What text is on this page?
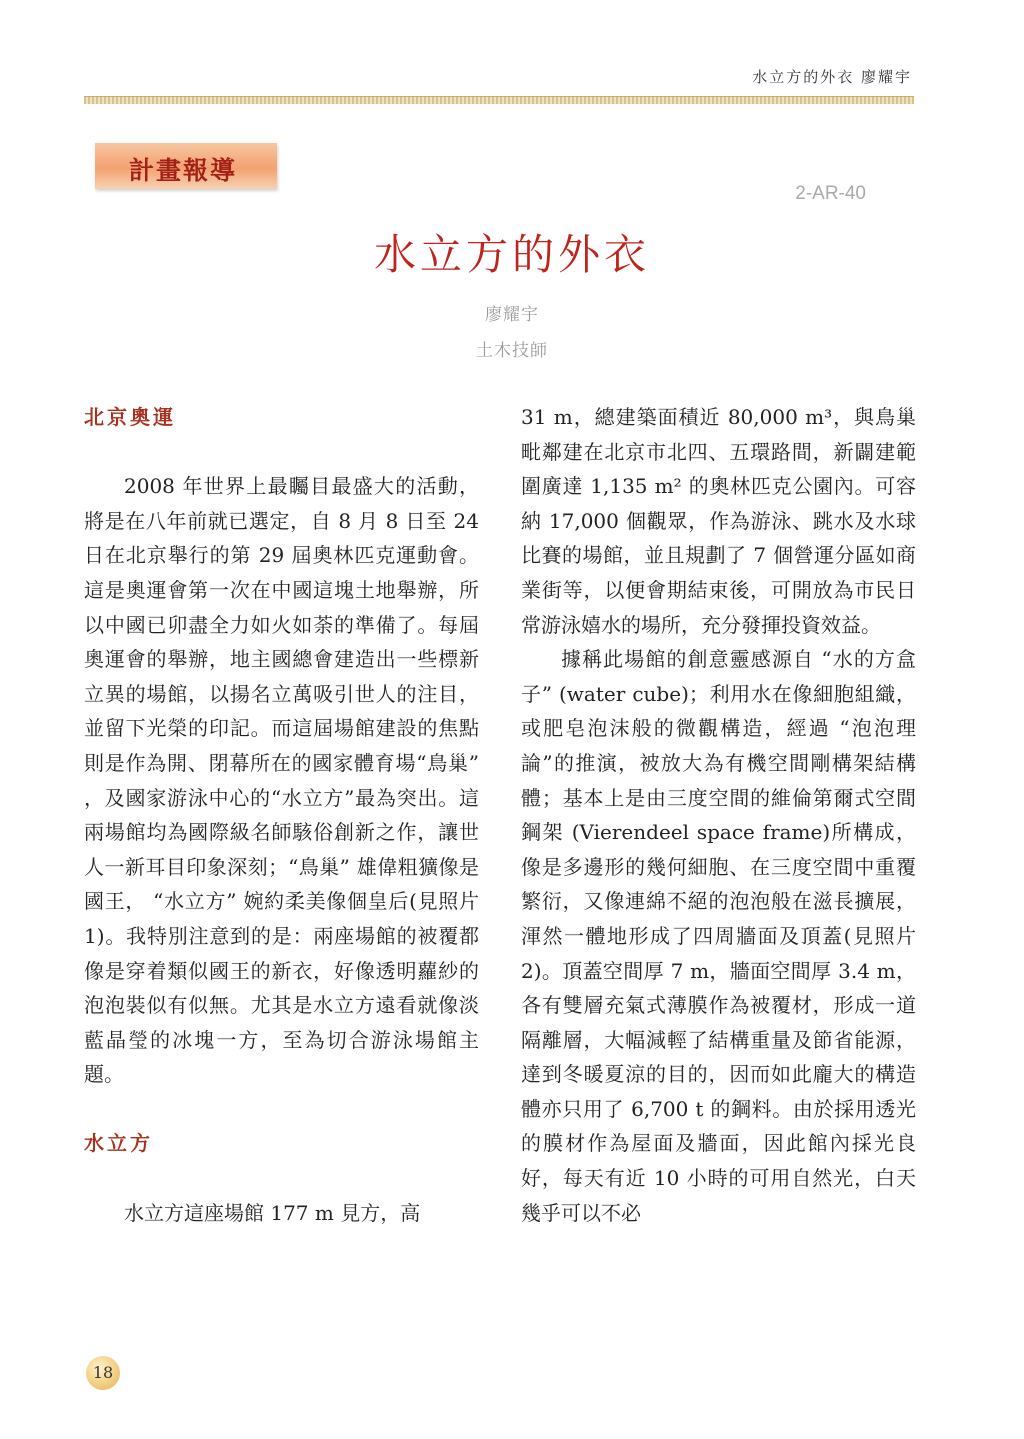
水立方的外衣 廖耀宇
計畫報導
2-AR-40
水立方的外衣
廖耀宇
土木技師
北京奧運

2008 年世界上最矚目最盛大的活動，將是在八年前就已選定，自 8 月 8 日至 24 日在北京舉行的第 29 屆奧林匹克運動會。這是奧運會第一次在中國這塊土地舉辦，所以中國已卯盡全力如火如荼的準備了。每屆奧運會的舉辦，地主國總會建造出一些標新立異的場館，以揚名立萬吸引世人的注目，並留下光榮的印記。而這屆場館建設的焦點則是作為開、閉幕所在的國家體育場“鳥巢” ，及國家游泳中心的“水立方”最為突出。這兩場館均為國際級名師駭俗創新之作，讓世人一新耳目印象深刻；“鳥巢” 雄偉粗獷像是國王， “水立方” 婉約柔美像個皇后(見照片 1)。我特別注意到的是：兩座場館的被覆都像是穿着類似國王的新衣，好像透明蘿紗的泡泡裝似有似無。尤其是水立方遠看就像淡藍晶瑩的冰塊一方，至為切合游泳場館主題。

水立方

水立方這座場館 177 m 見方，高

31 m，總建築面積近 80,000 m³，與鳥巢毗鄰建在北京市北四、五環路間，新闢建範圍廣達 1,135 m² 的奧林匹克公園內。可容納 17,000 個觀眾，作為游泳、跳水及水球比賽的場館，並且規劃了 7 個營運分區如商業街等，以便會期結束後，可開放為市民日常游泳嬉水的場所，充分發揮投資效益。

據稱此場館的創意靈感源自 “水的方盒子” (water cube)；利用水在像細胞組織，或肥皂泡沫般的微觀構造，經過 “泡泡理論”的推演，被放大為有機空間剛構架結構體；基本上是由三度空間的維倫第爾式空間鋼架 (Vierendeel space frame)所構成，像是多邊形的幾何細胞、在三度空間中重覆繁衍，又像連綿不絕的泡泡般在滋長擴展，渾然一體地形成了四周牆面及頂蓋(見照片 2)。頂蓋空間厚 7 m，牆面空間厚 3.4 m，各有雙層充氣式薄膜作為被覆材，形成一道隔離層，大幅減輕了結構重量及節省能源，達到冬暖夏涼的目的，因而如此龐大的構造體亦只用了 6,700 t 的鋼料。由於採用透光的膜材作為屋面及牆面，因此館內採光良好，每天有近 10 小時的可用自然光，白天幾乎可以不必

18
